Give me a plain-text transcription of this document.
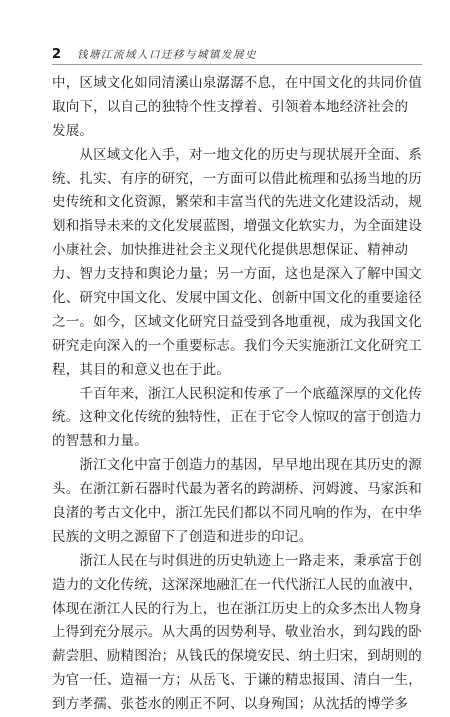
2 钱塘江流域人口迁移与城镇发展史
中，区域文化如同清溪山泉潺潺不息，在中国文化的共同价值
取向下，以自己的独特个性支撑着、引领着本地经济社会的
发展。
　　从区域文化入手，对一地文化的历史与现状展开全面、系
统、扎实、有序的研究，一方面可以借此梳理和弘扬当地的历
史传统和文化资源，繁荣和丰富当代的先进文化建设活动，规
划和指导未来的文化发展蓝图，增强文化软实力，为全面建设
小康社会、加快推进社会主义现代化提供思想保证、精神动
力、智力支持和舆论力量；另一方面，这也是深入了解中国文
化、研究中国文化、发展中国文化、创新中国文化的重要途径
之一。如今，区域文化研究日益受到各地重视，成为我国文化
研究走向深入的一个重要标志。我们今天实施浙江文化研究工
程，其目的和意义也在于此。
　　千百年来，浙江人民积淀和传承了一个底蕴深厚的文化传
统。这种文化传统的独特性，正在于它令人惊叹的富于创造力
的智慧和力量。
　　浙江文化中富于创造力的基因，早早地出现在其历史的源
头。在浙江新石器时代最为著名的跨湖桥、河姆渡、马家浜和
良渚的考古文化中，浙江先民们都以不同凡响的作为，在中华
民族的文明之源留下了创造和进步的印记。
　　浙江人民在与时俱进的历史轨迹上一路走来，秉承富于创
造力的文化传统，这深深地融汇在一代代浙江人民的血液中，
体现在浙江人民的行为上，也在浙江历史上的众多杰出人物身
上得到充分展示。从大禹的因势利导、敬业治水，到勾践的卧
薪尝胆、励精图治；从钱氏的保境安民、纳土归宋，到胡则的
为官一任、造福一方；从岳飞、于谦的精忠报国、清白一生，
到方孝孺、张苍水的刚正不阿、以身殉国；从沈括的博学多
